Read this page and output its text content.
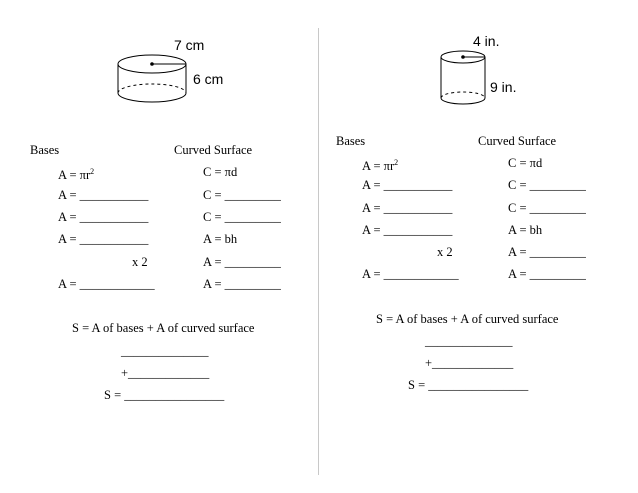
7 cm
6 cm
4 in.
9 in.
Bases	Curved Surface
$A = \pi r^2$
A = ___________
A = ___________
A = ___________
x 2
A = ____________
C = πd
C = _________
C = _________
A = bh
A = _________
A = _________
S = A of bases + A of curved surface
______________
+_____________
S = ________________
Bases	Curved Surface
$A = \pi r^2$
A = ___________
A = ___________
A = ___________
x 2
A = ____________
C = πd
C = _________
C = _________
A = bh
A = _________
A = _________
S = A of bases + A of curved surface
______________
+_____________
S = ________________
